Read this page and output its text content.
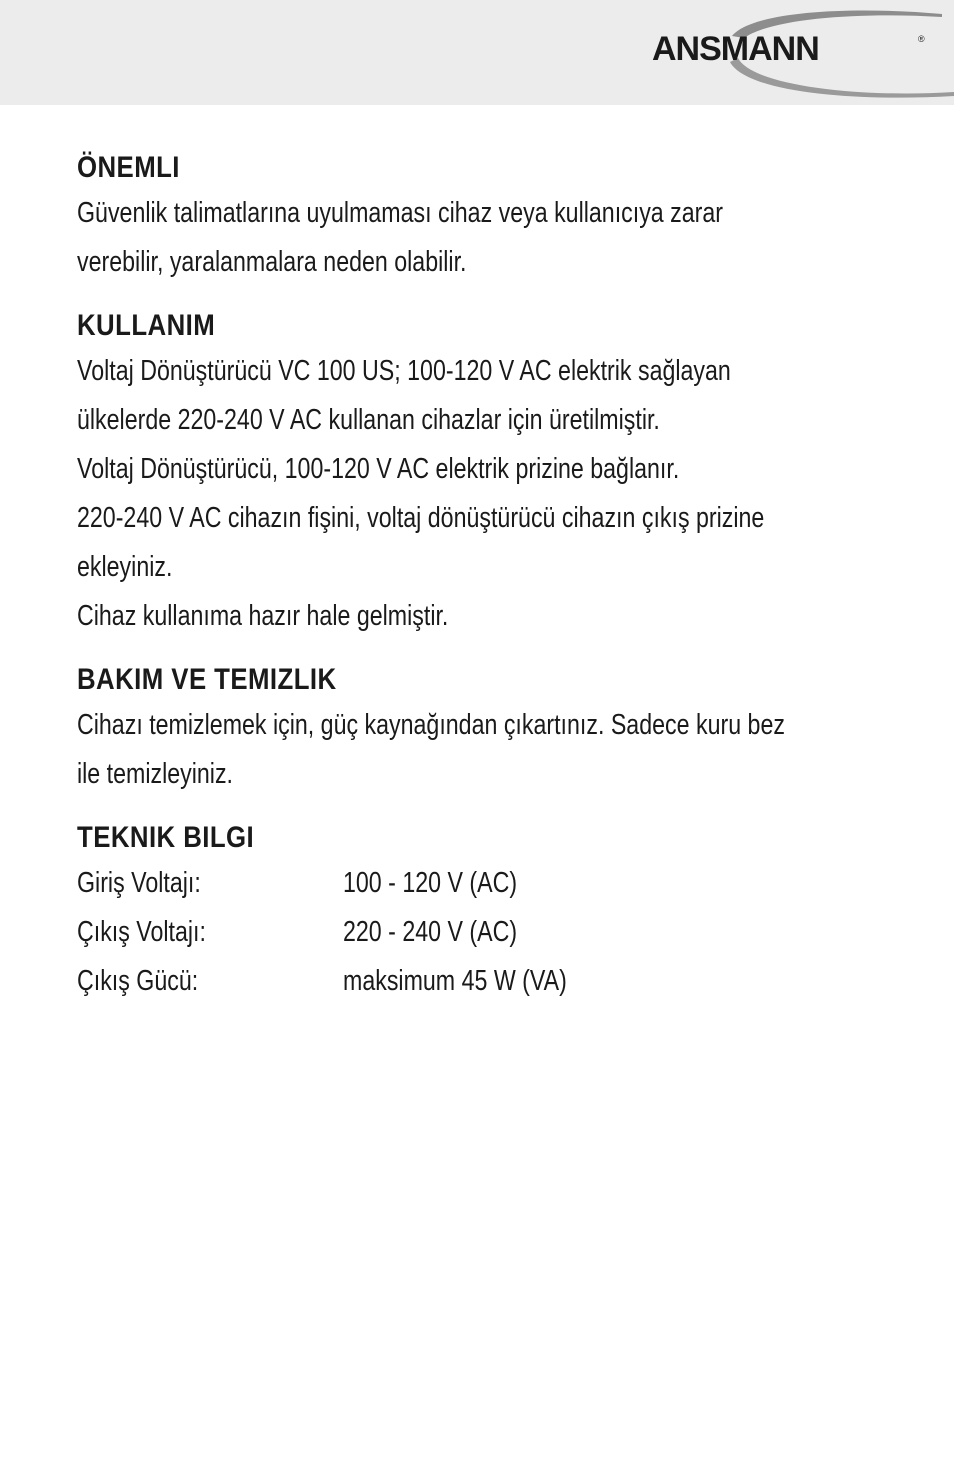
ANSMANN	®
ÖNEMLI

Güvenlik talimatlarına uyulmaması cihaz veya kullanıcıya zarar

verebilir, yaralanmalara neden olabilir.

KULLANIM

Voltaj Dönüştürücü VC 100 US; 100-120 V AC elektrik sağlayan

ülkelerde 220-240 V AC kullanan cihazlar için üretilmiştir.

Voltaj Dönüştürücü, 100-120 V AC elektrik prizine bağlanır.

220-240 V AC cihazın fişini, voltaj dönüştürücü cihazın çıkış prizine

ekleyiniz.

Cihaz kullanıma hazır hale gelmiştir.

BAKIM VE TEMIZLIK

Cihazı temizlemek için, güç kaynağından çıkartınız. Sadece kuru bez

ile temizleyiniz.

TEKNIK BILGI
Giriş Voltajı:	100 - 120 V (AC)
Çıkış Voltajı:	220 - 240 V (AC)
Çıkış Gücü:	maksimum 45 W (VA)
